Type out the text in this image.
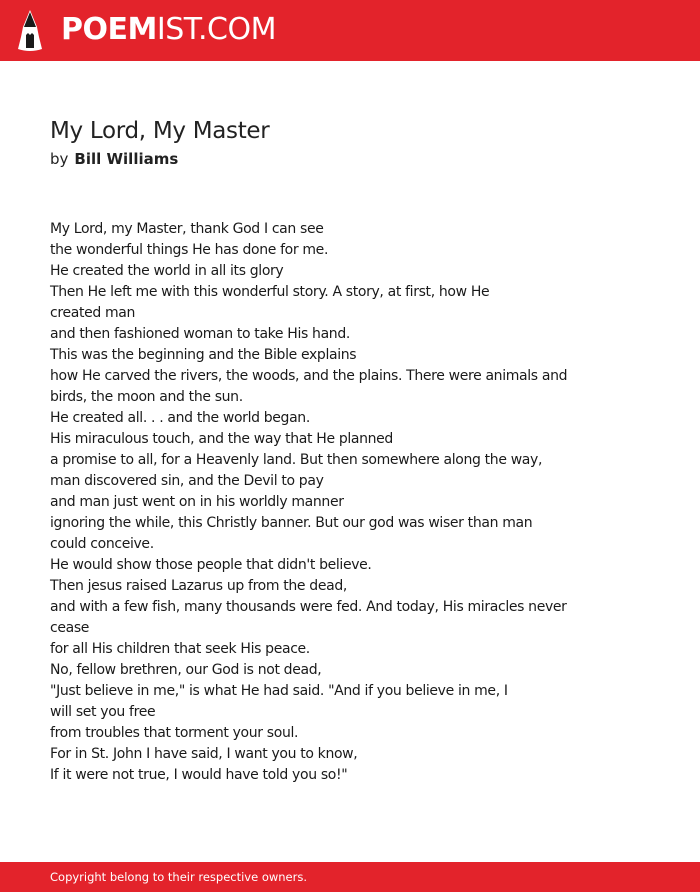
POEMIST.COM
My Lord, My Master
by Bill Williams
My Lord, my Master, thank God I can see
the wonderful things He has done for me.
He created the world in all its glory
Then He left me with this wonderful story. A story, at first, how He
created man
and then fashioned woman to take His hand.
This was the beginning and the Bible explains
how He carved the rivers, the woods, and the plains. There were animals and
birds, the moon and the sun.
He created all. . . and the world began.
His miraculous touch, and the way that He planned
a promise to all, for a Heavenly land. But then somewhere along the way,
man discovered sin, and the Devil to pay
and man just went on in his worldly manner
ignoring the while, this Christly banner. But our god was wiser than man
could conceive.
He would show those people that didn't believe.
Then jesus raised Lazarus up from the dead,
and with a few fish, many thousands were fed. And today, His miracles never
cease
for all His children that seek His peace.
No, fellow brethren, our God is not dead,
"Just believe in me," is what He had said. "And if you believe in me, I
will set you free
from troubles that torment your soul.
For in St. John I have said, I want you to know,
If it were not true, I would have told you so!"
Copyright belong to their respective owners.
